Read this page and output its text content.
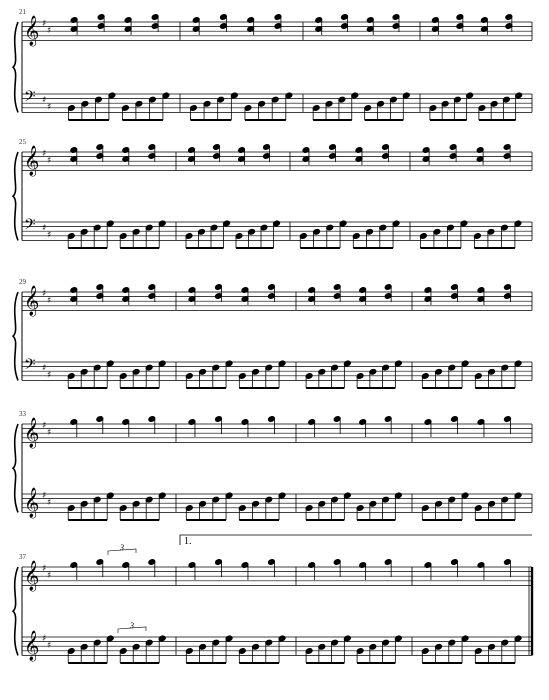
21
𝄞
𝄢
♯
♯
♯
♯
25
𝄞
𝄢
♯
♯
♯
♯
29
𝄞
𝄢
♯
♯
♯
♯
33
𝄞
𝄞
♯
♯
♯
♯
37
𝄞
𝄞
♯
♯
♯
♯
1.
3
3
